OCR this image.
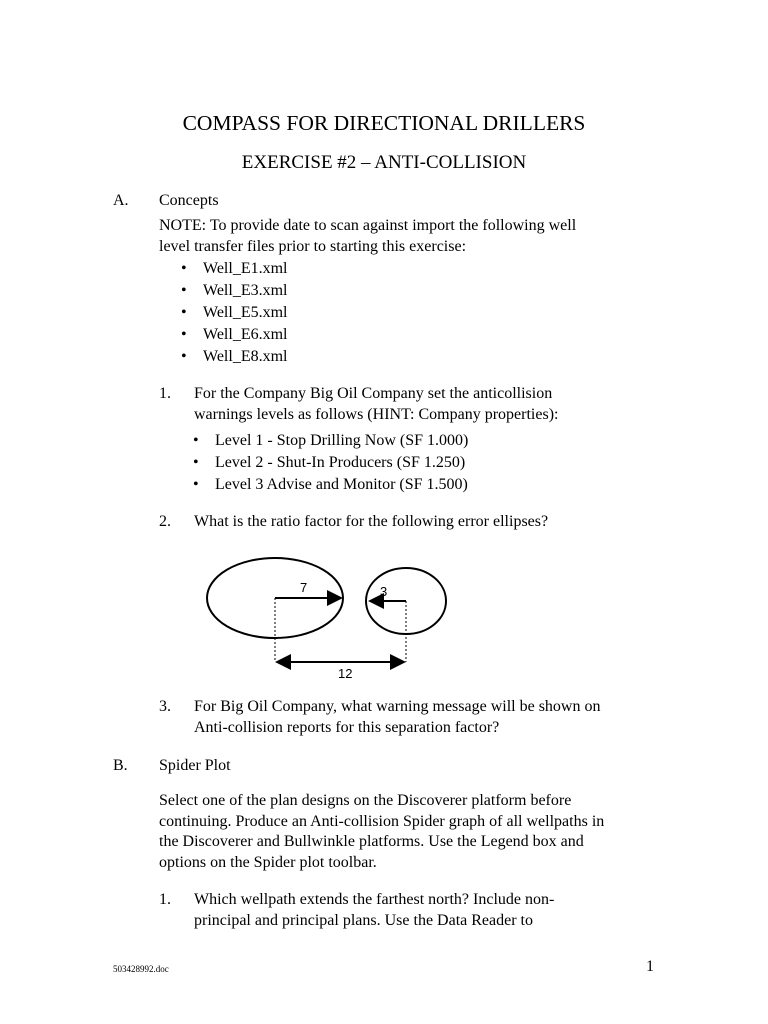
COMPASS FOR DIRECTIONAL DRILLERS
EXERCISE #2 – ANTI-COLLISION
A. Concepts
NOTE: To provide date to scan against import the following well
level transfer files prior to starting this exercise:
• Well_E1.xml
• Well_E3.xml
• Well_E5.xml
• Well_E6.xml
• Well_E8.xml
1. For the Company Big Oil Company set the anticollision
warnings levels as follows (HINT: Company properties):
• Level 1 - Stop Drilling Now (SF 1.000)
• Level 2 - Shut-In Producers (SF 1.250)
• Level 3 Advise and Monitor (SF 1.500)
2. What is the ratio factor for the following error ellipses?
7	3
12
3. For Big Oil Company, what warning message will be shown on
Anti-collision reports for this separation factor?
B. Spider Plot
Select one of the plan designs on the Discoverer platform before
continuing. Produce an Anti-collision Spider graph of all wellpaths in
the Discoverer and Bullwinkle platforms. Use the Legend box and
options on the Spider plot toolbar.
1. Which wellpath extends the farthest north? Include non-
principal and principal plans. Use the Data Reader to
503428992.doc	1
